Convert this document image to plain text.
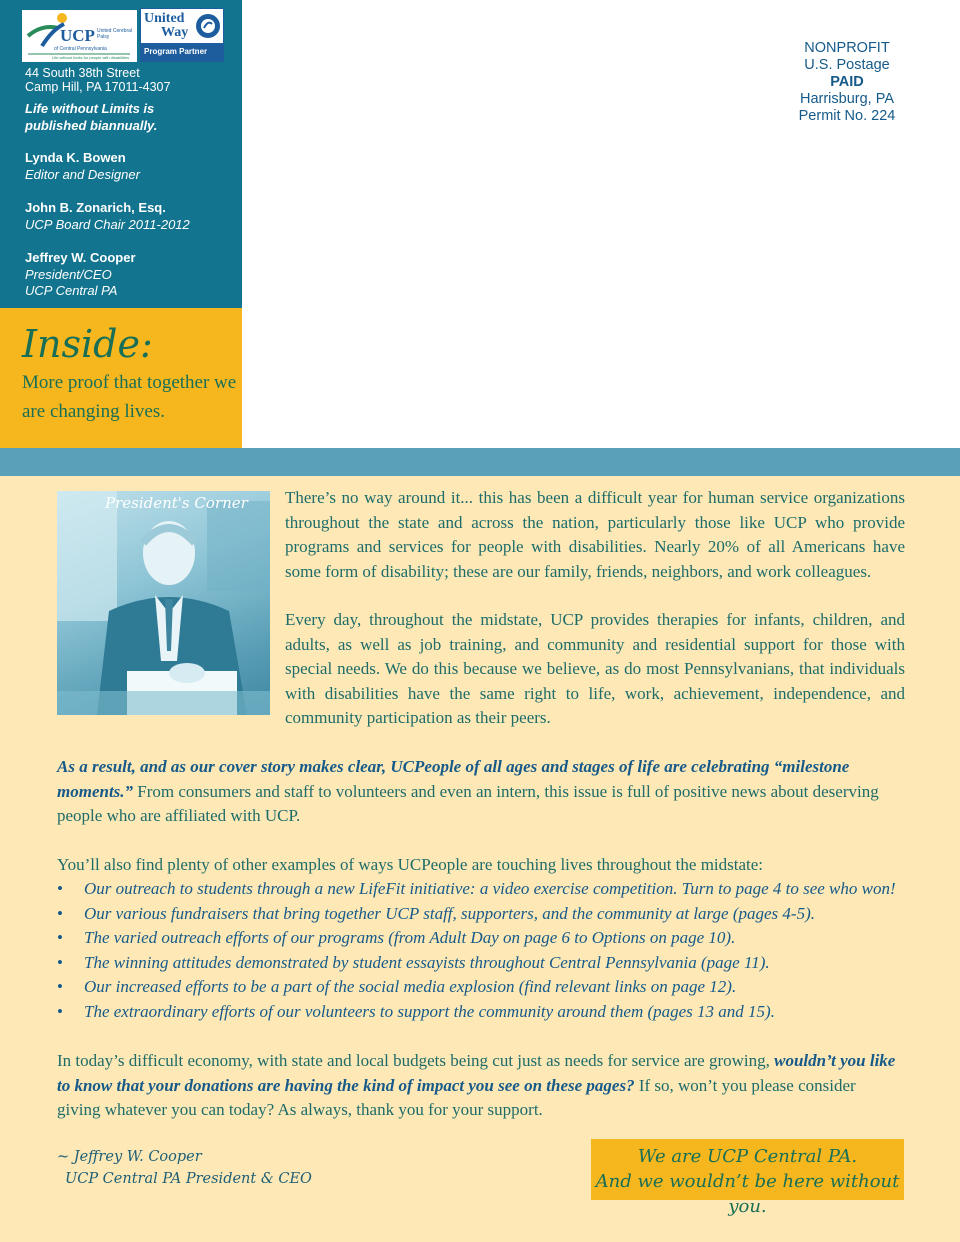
UCP United Cerebral Palsy
of Central Pennsylvania
Life without limits for people with disabilities
United
Way
Program Partner
44 South 38th Street
Camp Hill, PA 17011-4307
Life without Limits is
published biannually.
Lynda K. Bowen
Editor and Designer
John B. Zonarich, Esq.
UCP Board Chair 2011-2012
Jeffrey W. Cooper
President/CEO
UCP Central PA
Inside:
More proof that together we are changing lives.
NONPROFIT
U.S. Postage
PAID
Harrisburg, PA
Permit No. 224
President's Corner There’s no way around it... this has been a difficult year for human service organizations throughout the state and across the nation, particularly those like UCP who provide programs and services for people with disabilities. Nearly 20% of all Americans have some form of disability; these are our family, friends, neighbors, and work colleagues.
Every day, throughout the midstate, UCP provides therapies for infants, children, and adults, as well as job training, and community and residential support for those with special needs. We do this because we believe, as do most Pennsylvanians, that individuals with disabilities have the same right to life, work, achievement, independence, and community participation as their peers.
As a result, and as our cover story makes clear, UCPeople of all ages and stages of life are celebrating “milestone moments.” From consumers and staff to volunteers and even an intern, this issue is full of positive news about deserving people who are affiliated with UCP.
You’ll also find plenty of other examples of ways UCPeople are touching lives throughout the midstate:
• Our outreach to students through a new LifeFit initiative: a video exercise competition. Turn to page 4 to see who won!
• Our various fundraisers that bring together UCP staff, supporters, and the community at large (pages 4-5).
• The varied outreach efforts of our programs (from Adult Day on page 6 to Options on page 10).
• The winning attitudes demonstrated by student essayists throughout Central Pennsylvania (page 11).
• Our increased efforts to be a part of the social media explosion (find relevant links on page 12).
• The extraordinary efforts of our volunteers to support the community around them (pages 13 and 15).
In today’s difficult economy, with state and local budgets being cut just as needs for service are growing, wouldn’t you like to know that your donations are having the kind of impact you see on these pages? If so, won’t you please consider giving whatever you can today? As always, thank you for your support.
~ Jeffrey W. Cooper
UCP Central PA President & CEO
We are UCP Central PA.
And we wouldn’t be here without you.
